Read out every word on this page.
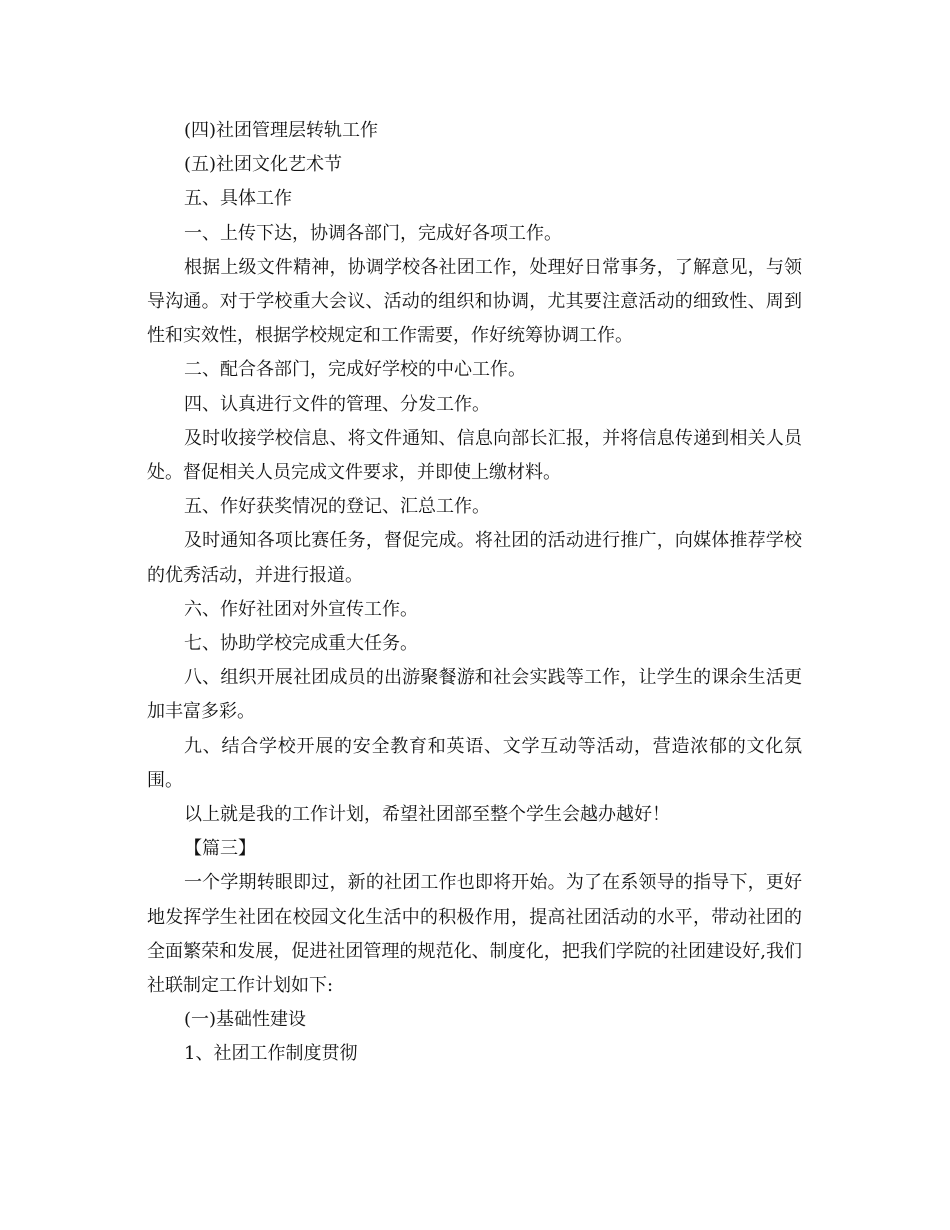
(四)社团管理层转轨工作

(五)社团文化艺术节

五、具体工作

一、上传下达，协调各部门，完成好各项工作。

根据上级文件精神，协调学校各社团工作，处理好日常事务，了解意见，与领导沟通。对于学校重大会议、活动的组织和协调，尤其要注意活动的细致性、周到性和实效性，根据学校规定和工作需要，作好统筹协调工作。

二、配合各部门，完成好学校的中心工作。

四、认真进行文件的管理、分发工作。

及时收接学校信息、将文件通知、信息向部长汇报，并将信息传递到相关人员处。督促相关人员完成文件要求，并即使上缴材料。

五、作好获奖情况的登记、汇总工作。

及时通知各项比赛任务，督促完成。将社团的活动进行推广，向媒体推荐学校的优秀活动，并进行报道。

六、作好社团对外宣传工作。

七、协助学校完成重大任务。

八、组织开展社团成员的出游聚餐游和社会实践等工作，让学生的课余生活更加丰富多彩。

九、结合学校开展的安全教育和英语、文学互动等活动，营造浓郁的文化氛围。

以上就是我的工作计划，希望社团部至整个学生会越办越好！

【篇三】

一个学期转眼即过，新的社团工作也即将开始。为了在系领导的指导下，更好地发挥学生社团在校园文化生活中的积极作用，提高社团活动的水平，带动社团的全面繁荣和发展，促进社团管理的规范化、制度化，把我们学院的社团建设好,我们社联制定工作计划如下:

(一)基础性建设

1、社团工作制度贯彻
